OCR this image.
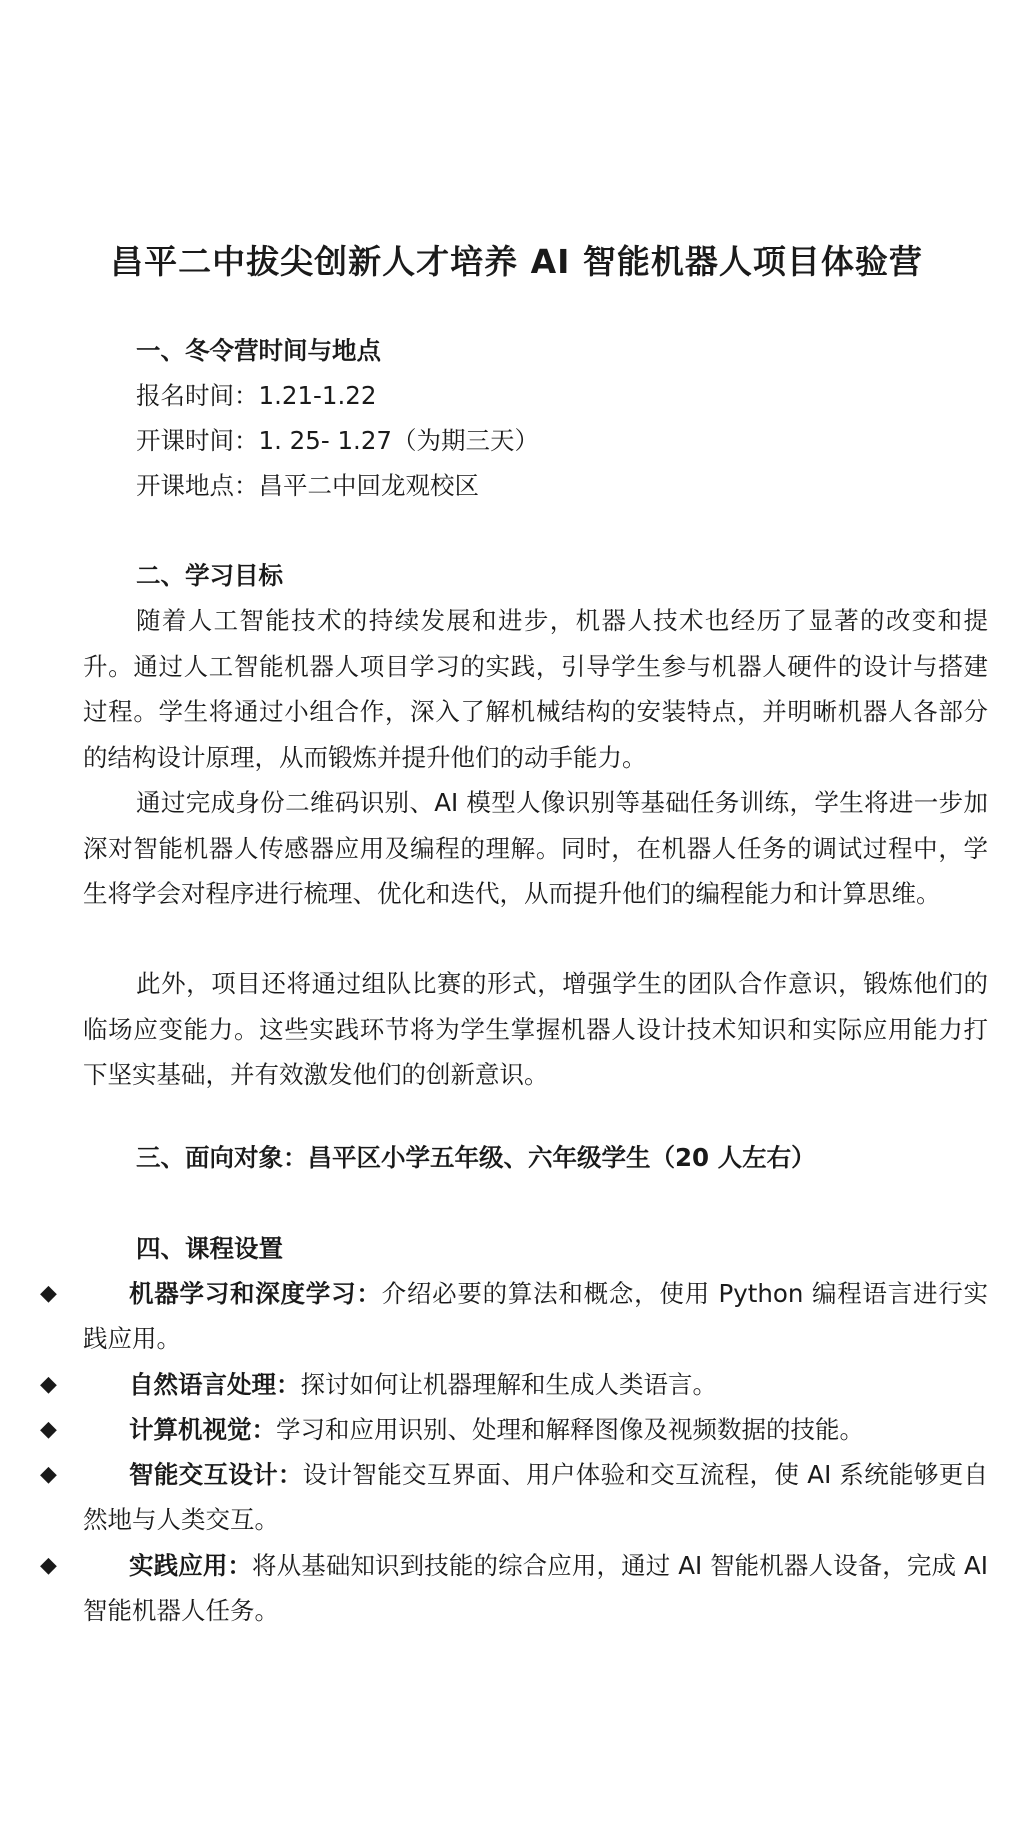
昌平二中拔尖创新人才培养 AI 智能机器人项目体验营

一、冬令营时间与地点

报名时间：1.21-1.22

开课时间：1. 25- 1.27（为期三天）

开课地点：昌平二中回龙观校区

二、学习目标

随着人工智能技术的持续发展和进步，机器人技术也经历了显著的改变和提升。通过人工智能机器人项目学习的实践，引导学生参与机器人硬件的设计与搭建过程。学生将通过小组合作，深入了解机械结构的安装特点，并明晰机器人各部分的结构设计原理，从而锻炼并提升他们的动手能力。

通过完成身份二维码识别、AI 模型人像识别等基础任务训练，学生将进一步加深对智能机器人传感器应用及编程的理解。同时，在机器人任务的调试过程中，学生将学会对程序进行梳理、优化和迭代，从而提升他们的编程能力和计算思维。

此外，项目还将通过组队比赛的形式，增强学生的团队合作意识，锻炼他们的临场应变能力。这些实践环节将为学生掌握机器人设计技术知识和实际应用能力打下坚实基础，并有效激发他们的创新意识。

三、面向对象：昌平区小学五年级、六年级学生（20 人左右）

四、课程设置

◆	机器学习和深度学习：介绍必要的算法和概念，使用 Python 编程语言进行实践应用。
◆	自然语言处理：探讨如何让机器理解和生成人类语言。
◆	计算机视觉：学习和应用识别、处理和解释图像及视频数据的技能。
◆	智能交互设计：设计智能交互界面、用户体验和交互流程，使 AI 系统能够更自然地与人类交互。
◆	实践应用：将从基础知识到技能的综合应用，通过 AI 智能机器人设备，完成 AI 智能机器人任务。
